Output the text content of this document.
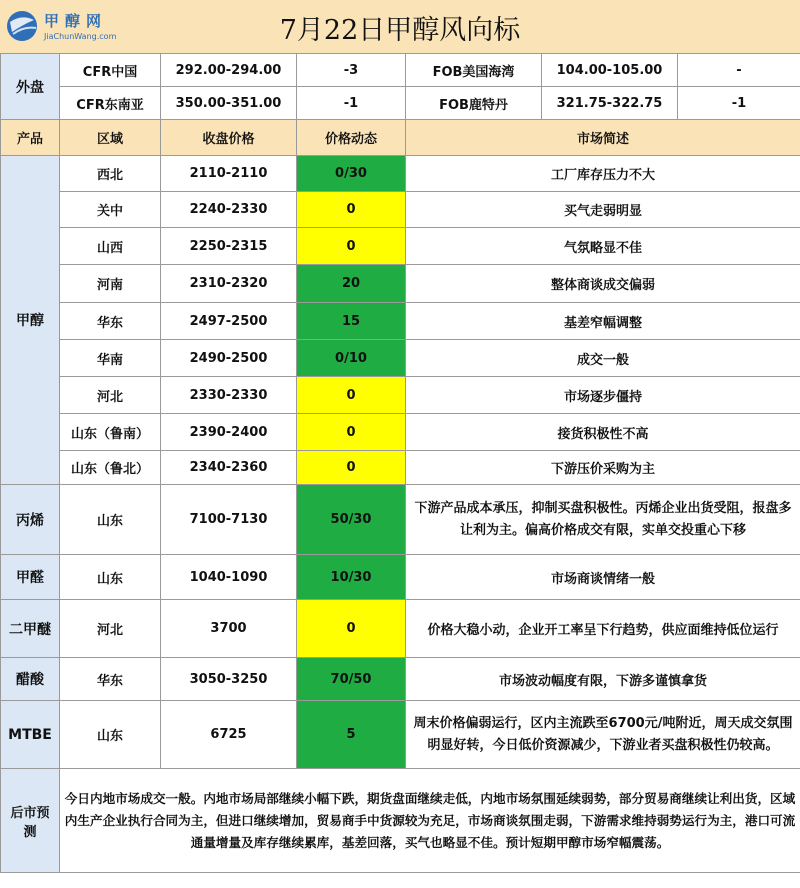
甲醇网
JiaChunWang.com	7月22日甲醇风向标
外盘	CFR中国	292.00-294.00	-3	FOB美国海湾	104.00-105.00	-
	CFR东南亚	350.00-351.00	-1	FOB鹿特丹	321.75-322.75	-1
产品	区域	收盘价格	价格动态	市场简述		
甲醇	西北	2110-2110	0/30	工厂库存压力不大		
	关中	2240-2330	0	买气走弱明显		
	山西	2250-2315	0	气氛略显不佳		
	河南	2310-2320	20	整体商谈成交偏弱		
	华东	2497-2500	15	基差窄幅调整		
	华南	2490-2500	0/10	成交一般		
	河北	2330-2330	0	市场逐步僵持		
	山东（鲁南）	2390-2400	0	接货积极性不高		
	山东（鲁北）	2340-2360	0	下游压价采购为主		
丙烯	山东	7100-7130	50/30	下游产品成本承压，抑制买盘积极性。丙烯企业出货受阻，报盘多让利为主。偏高价格成交有限，实单交投重心下移		
甲醛	山东	1040-1090	10/30	市场商谈情绪一般		
二甲醚	河北	3700	0	价格大稳小动，企业开工率呈下行趋势，供应面维持低位运行		
醋酸	华东	3050-3250	70/50	市场波动幅度有限，下游多谨慎拿货		
MTBE	山东	6725	5	周末价格偏弱运行，区内主流跌至6700元/吨附近，周天成交氛围明显好转，今日低价资源减少，下游业者买盘积极性仍较高。		
后市预测	今日内地市场成交一般。内地市场局部继续小幅下跌，期货盘面继续走低，内地市场氛围延续弱势，部分贸易商继续让利出货，区域内生产企业执行合同为主，但进口继续增加，贸易商手中货源较为充足，市场商谈氛围走弱，下游需求维持弱势运行为主，港口可流通量增量及库存继续累库，基差回落，买气也略显不佳。预计短期甲醇市场窄幅震荡。					
